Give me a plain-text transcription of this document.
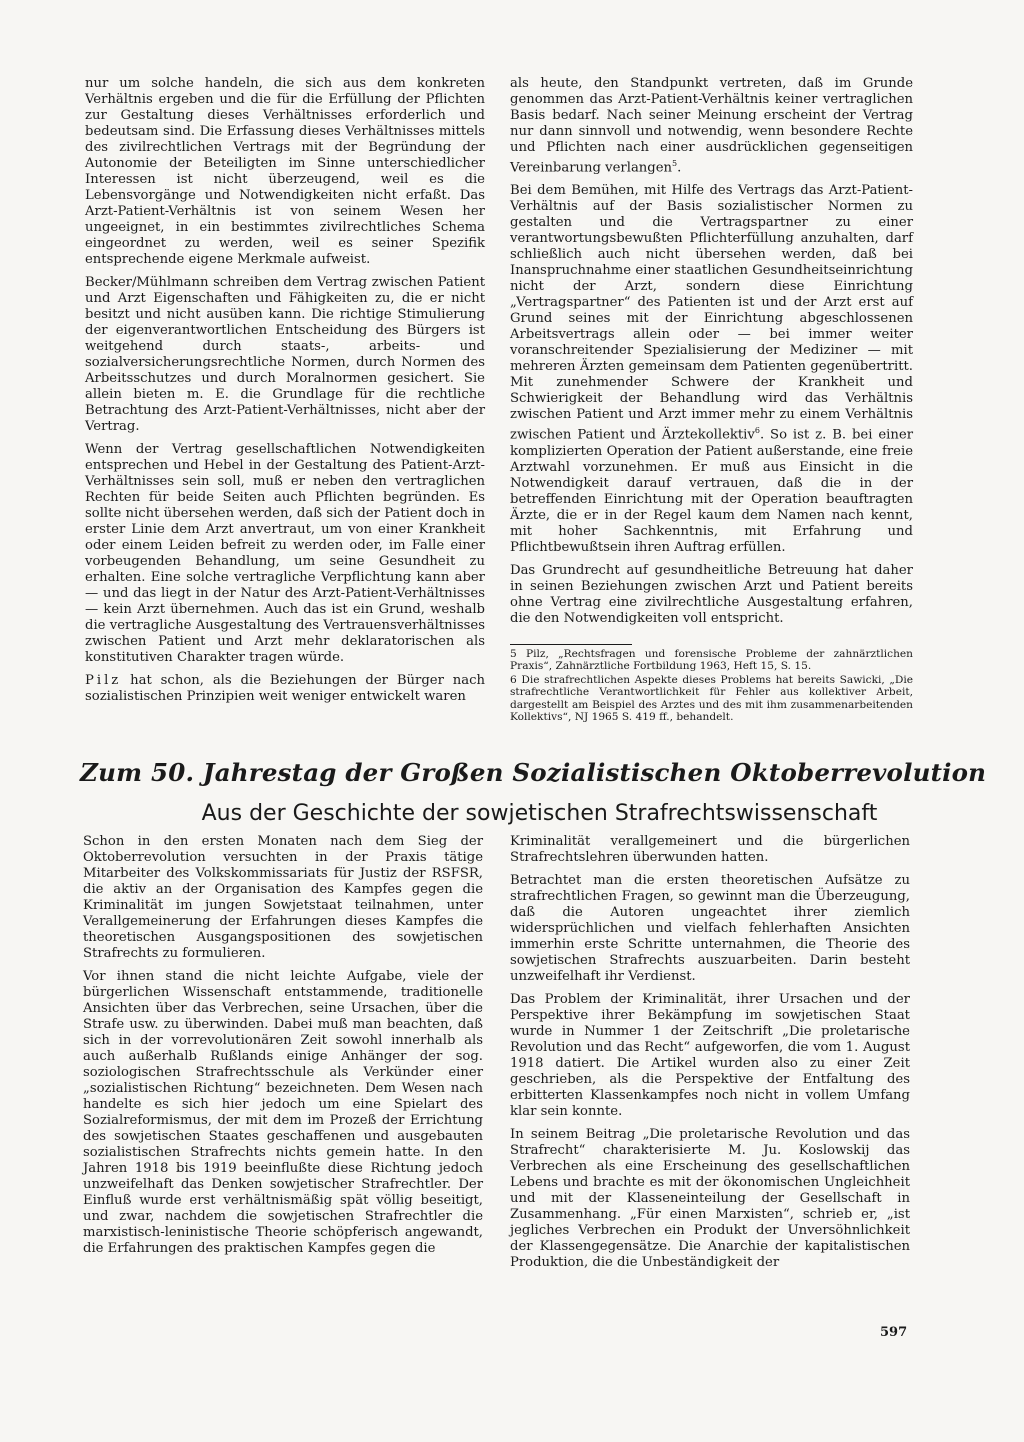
nur um solche handeln, die sich aus dem konkreten Verhältnis ergeben und die für die Erfüllung der Pflichten zur Gestaltung dieses Verhältnisses erforderlich und bedeutsam sind. Die Erfassung dieses Verhältnisses mittels des zivilrechtlichen Vertrags mit der Begründung der Autonomie der Beteiligten im Sinne unterschiedlicher Interessen ist nicht überzeugend, weil es die Lebensvorgänge und Notwendigkeiten nicht erfaßt. Das Arzt-Patient-Verhältnis ist von seinem Wesen her ungeeignet, in ein bestimmtes zivilrechtliches Schema eingeordnet zu werden, weil es seiner Spezifik entsprechende eigene Merkmale aufweist.

Becker/Mühlmann schreiben dem Vertrag zwischen Patient und Arzt Eigenschaften und Fähigkeiten zu, die er nicht besitzt und nicht ausüben kann. Die richtige Stimulierung der eigenverantwortlichen Entscheidung des Bürgers ist weitgehend durch staats-, arbeits- und sozialversicherungsrechtliche Normen, durch Normen des Arbeitsschutzes und durch Moralnormen gesichert. Sie allein bieten m. E. die Grundlage für die rechtliche Betrachtung des Arzt-Patient-Verhältnisses, nicht aber der Vertrag.

Wenn der Vertrag gesellschaftlichen Notwendigkeiten entsprechen und Hebel in der Gestaltung des Patient-Arzt-Verhältnisses sein soll, muß er neben den vertraglichen Rechten für beide Seiten auch Pflichten begründen. Es sollte nicht übersehen werden, daß sich der Patient doch in erster Linie dem Arzt anvertraut, um von einer Krankheit oder einem Leiden befreit zu werden oder, im Falle einer vorbeugenden Behandlung, um seine Gesundheit zu erhalten. Eine solche vertragliche Verpflichtung kann aber — und das liegt in der Natur des Arzt-Patient-Verhältnisses — kein Arzt übernehmen. Auch das ist ein Grund, weshalb die vertragliche Ausgestaltung des Vertrauensverhältnisses zwischen Patient und Arzt mehr deklaratorischen als konstitutiven Charakter tragen würde.

Pilz hat schon, als die Beziehungen der Bürger nach sozialistischen Prinzipien weit weniger entwickelt waren

als heute, den Standpunkt vertreten, daß im Grunde genommen das Arzt-Patient-Verhältnis keiner vertraglichen Basis bedarf. Nach seiner Meinung erscheint der Vertrag nur dann sinnvoll und notwendig, wenn besondere Rechte und Pflichten nach einer ausdrücklichen gegenseitigen Vereinbarung verlangen$^5$.

Bei dem Bemühen, mit Hilfe des Vertrags das Arzt-Patient-Verhältnis auf der Basis sozialistischer Normen zu gestalten und die Vertragspartner zu einer verantwortungsbewußten Pflichterfüllung anzuhalten, darf schließlich auch nicht übersehen werden, daß bei Inanspruchnahme einer staatlichen Gesundheitseinrichtung nicht der Arzt, sondern diese Einrichtung „Vertragspartner“ des Patienten ist und der Arzt erst auf Grund seines mit der Einrichtung abgeschlossenen Arbeitsvertrags allein oder — bei immer weiter voranschreitender Spezialisierung der Mediziner — mit mehreren Ärzten gemeinsam dem Patienten gegenübertritt. Mit zunehmender Schwere der Krankheit und Schwierigkeit der Behandlung wird das Verhältnis zwischen Patient und Arzt immer mehr zu einem Verhältnis zwischen Patient und Ärztekollektiv$^6$. So ist z. B. bei einer komplizierten Operation der Patient außerstande, eine freie Arztwahl vorzunehmen. Er muß aus Einsicht in die Notwendigkeit darauf vertrauen, daß die in der betreffenden Einrichtung mit der Operation beauftragten Ärzte, die er in der Regel kaum dem Namen nach kennt, mit hoher Sachkenntnis, mit Erfahrung und Pflichtbewußtsein ihren Auftrag erfüllen.

Das Grundrecht auf gesundheitliche Betreuung hat daher in seinen Beziehungen zwischen Arzt und Patient bereits ohne Vertrag eine zivilrechtliche Ausgestaltung erfahren, die den Notwendigkeiten voll entspricht.

5 Pilz, „Rechtsfragen und forensische Probleme der zahnärztlichen Praxis“, Zahnärztliche Fortbildung 1963, Heft 15, S. 15.

6 Die strafrechtlichen Aspekte dieses Problems hat bereits Sawicki, „Die strafrechtliche Verantwortlichkeit für Fehler aus kollektiver Arbeit, dargestellt am Beispiel des Arztes und des mit ihm zusammenarbeitenden Kollektivs“, NJ 1965 S. 419 ff., behandelt.

Zum 50. Jahrestag der Großen Sozialistischen Oktoberrevolution
Aus der Geschichte der sowjetischen Strafrechtswissenschaft

Schon in den ersten Monaten nach dem Sieg der Oktoberrevolution versuchten in der Praxis tätige Mitarbeiter des Volkskommissariats für Justiz der RSFSR, die aktiv an der Organisation des Kampfes gegen die Kriminalität im jungen Sowjetstaat teilnahmen, unter Verallgemeinerung der Erfahrungen dieses Kampfes die theoretischen Ausgangspositionen des sowjetischen Strafrechts zu formulieren.

Vor ihnen stand die nicht leichte Aufgabe, viele der bürgerlichen Wissenschaft entstammende, traditionelle Ansichten über das Verbrechen, seine Ursachen, über die Strafe usw. zu überwinden. Dabei muß man beachten, daß sich in der vorrevolutionären Zeit sowohl innerhalb als auch außerhalb Rußlands einige Anhänger der sog. soziologischen Strafrechtsschule als Verkünder einer „sozialistischen Richtung“ bezeichneten. Dem Wesen nach handelte es sich hier jedoch um eine Spielart des Sozialreformismus, der mit dem im Prozeß der Errichtung des sowjetischen Staates geschaffenen und ausgebauten sozialistischen Strafrechts nichts gemein hatte. In den Jahren 1918 bis 1919 beeinflußte diese Richtung jedoch unzweifelhaft das Denken sowjetischer Strafrechtler. Der Einfluß wurde erst verhältnismäßig spät völlig beseitigt, und zwar, nachdem die sowjetischen Strafrechtler die marxistisch-leninistische Theorie schöpferisch angewandt, die Erfahrungen des praktischen Kampfes gegen die

Kriminalität verallgemeinert und die bürgerlichen Strafrechtslehren überwunden hatten.

Betrachtet man die ersten theoretischen Aufsätze zu strafrechtlichen Fragen, so gewinnt man die Überzeugung, daß die Autoren ungeachtet ihrer ziemlich widersprüchlichen und vielfach fehlerhaften Ansichten immerhin erste Schritte unternahmen, die Theorie des sowjetischen Strafrechts auszuarbeiten. Darin besteht unzweifelhaft ihr Verdienst.

Das Problem der Kriminalität, ihrer Ursachen und der Perspektive ihrer Bekämpfung im sowjetischen Staat wurde in Nummer 1 der Zeitschrift „Die proletarische Revolution und das Recht“ aufgeworfen, die vom 1. August 1918 datiert. Die Artikel wurden also zu einer Zeit geschrieben, als die Perspektive der Entfaltung des erbitterten Klassenkampfes noch nicht in vollem Umfang klar sein konnte.

In seinem Beitrag „Die proletarische Revolution und das Strafrecht“ charakterisierte M. Ju. Koslowskij das Verbrechen als eine Erscheinung des gesellschaftlichen Lebens und brachte es mit der ökonomischen Ungleichheit und mit der Klasseneinteilung der Gesellschaft in Zusammenhang. „Für einen Marxisten“, schrieb er, „ist jegliches Verbrechen ein Produkt der Unversöhnlichkeit der Klassengegensätze. Die Anarchie der kapitalistischen Produktion, die die Unbeständigkeit der

597
